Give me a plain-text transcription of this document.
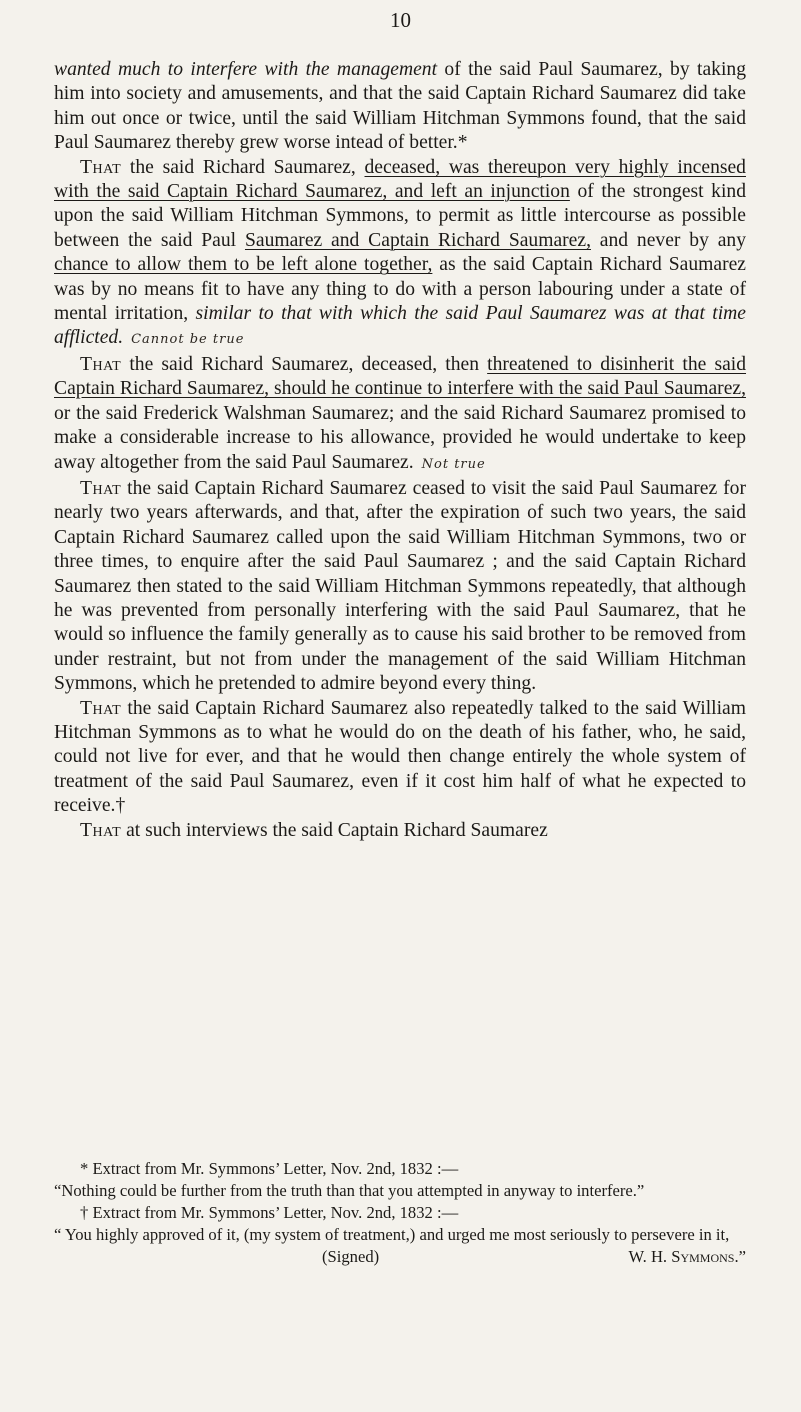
10

wanted much to interfere with the management of the said Paul Saumarez, by taking him into society and amusements, and that the said Captain Richard Saumarez did take him out once or twice, until the said William Hitchman Symmons found, that the said Paul Saumarez thereby grew worse intead of better.*

That the said Richard Saumarez, deceased, was thereupon very highly incensed with the said Captain Richard Saumarez, and left an injunction of the strongest kind upon the said William Hitchman Symmons, to permit as little intercourse as possible between the said Paul Saumarez and Captain Richard Saumarez, and never by any chance to allow them to be left alone together, as the said Captain Richard Saumarez was by no means fit to have any thing to do with a person labouring under a state of mental irritation, similar to that with which the said Paul Saumarez was at that time afflicted. Cannot be true

That the said Richard Saumarez, deceased, then threatened to disinherit the said Captain Richard Saumarez, should he continue to interfere with the said Paul Saumarez, or the said Frederick Walshman Saumarez; and the said Richard Saumarez promised to make a considerable increase to his allowance, provided he would undertake to keep away altogether from the said Paul Saumarez. Not true

That the said Captain Richard Saumarez ceased to visit the said Paul Saumarez for nearly two years afterwards, and that, after the expiration of such two years, the said Captain Richard Saumarez called upon the said William Hitchman Symmons, two or three times, to enquire after the said Paul Saumarez ; and the said Captain Richard Saumarez then stated to the said William Hitchman Symmons repeatedly, that although he was prevented from personally interfering with the said Paul Saumarez, that he would so influence the family generally as to cause his said brother to be removed from under restraint, but not from under the management of the said William Hitchman Symmons, which he pretended to admire beyond every thing.

That the said Captain Richard Saumarez also repeatedly talked to the said William Hitchman Symmons as to what he would do on the death of his father, who, he said, could not live for ever, and that he would then change entirely the whole system of treatment of the said Paul Saumarez, even if it cost him half of what he expected to receive.†

That at such interviews the said Captain Richard Saumarez

* Extract from Mr. Symmons’ Letter, Nov. 2nd, 1832 :—

“Nothing could be further from the truth than that you attempted in anyway to interfere.”

† Extract from Mr. Symmons’ Letter, Nov. 2nd, 1832 :—

“ You highly approved of it, (my system of treatment,) and urged me most seriously to persevere in it,

(Signed)	W. H. Symmons.”
